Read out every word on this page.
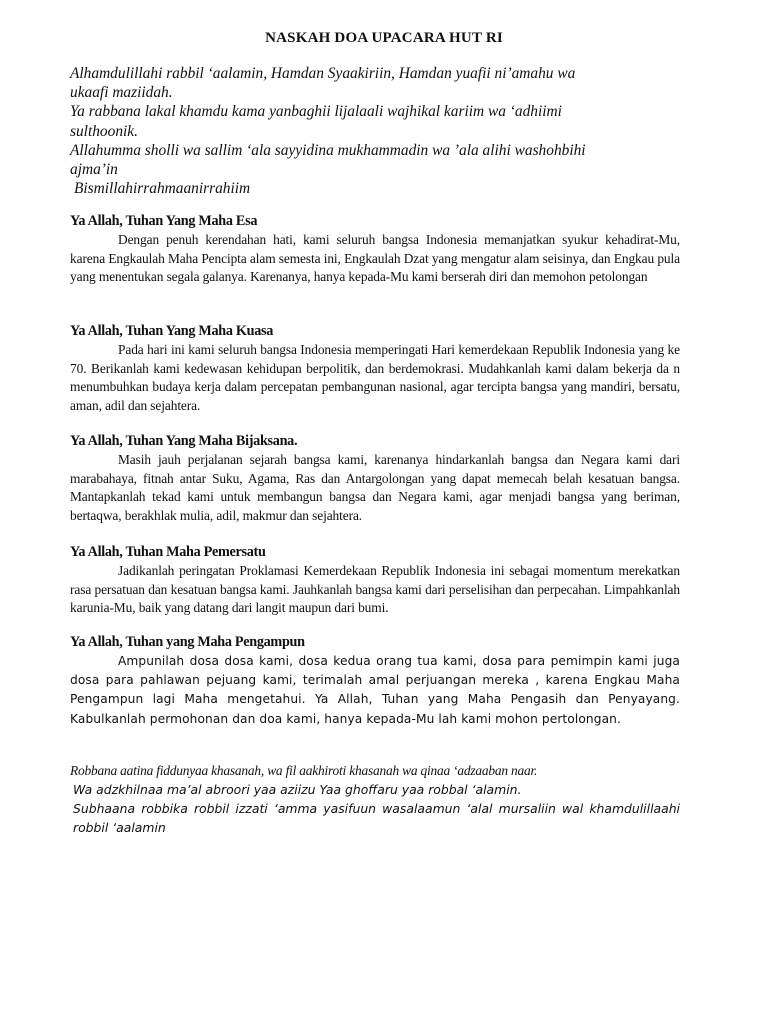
NASKAH DOA UPACARA HUT RI
Alhamdulillahi rabbil ‘aalamin, Hamdan Syaakiriin, Hamdan yuafii ni’amahu wa
ukaafi maziidah.
Ya rabbana lakal khamdu kama yanbaghii lijalaali wajhikal kariim wa ‘adhiimi
sulthoonik.
Allahumma sholli wa sallim ‘ala sayyidina mukhammadin wa ’ala alihi washohbihi
ajma’in
Bismillahirrahmaanirrahiim
Ya Allah, Tuhan Yang Maha Esa
Dengan penuh kerendahan hati, kami seluruh bangsa Indonesia memanjatkan syukur kehadirat-Mu, karena Engkaulah Maha Pencipta alam semesta ini, Engkaulah Dzat yang mengatur alam seisinya, dan Engkau pula yang menentukan segala galanya. Karenanya, hanya kepada-Mu kami berserah diri dan memohon petolongan
Ya Allah, Tuhan Yang Maha Kuasa
Pada hari ini kami seluruh bangsa Indonesia memperingati Hari kemerdekaan Republik Indonesia yang ke 70. Berikanlah kami kedewasan kehidupan berpolitik, dan berdemokrasi. Mudahkanlah kami dalam bekerja da n menumbuhkan budaya kerja dalam percepatan pembangunan nasional, agar tercipta bangsa yang mandiri, bersatu, aman, adil dan sejahtera.
Ya Allah, Tuhan Yang Maha Bijaksana.
Masih jauh perjalanan sejarah bangsa kami, karenanya hindarkanlah bangsa dan Negara kami dari marabahaya, fitnah antar Suku, Agama, Ras dan Antargolongan yang dapat memecah belah kesatuan bangsa. Mantapkanlah tekad kami untuk membangun bangsa dan Negara kami, agar menjadi bangsa yang beriman, bertaqwa, berakhlak mulia, adil, makmur dan sejahtera.
Ya Allah, Tuhan Maha Pemersatu
Jadikanlah peringatan Proklamasi Kemerdekaan Republik Indonesia ini sebagai momentum merekatkan rasa persatuan dan kesatuan bangsa kami. Jauhkanlah bangsa kami dari perselisihan dan perpecahan. Limpahkanlah karunia-Mu, baik yang datang dari langit maupun dari bumi.
Ya Allah, Tuhan yang Maha Pengampun
Ampunilah dosa dosa kami, dosa kedua orang tua kami, dosa para pemimpin kami juga dosa para pahlawan pejuang kami, terimalah amal perjuangan mereka , karena Engkau Maha Pengampun lagi Maha mengetahui. Ya Allah, Tuhan yang Maha Pengasih dan Penyayang. Kabulkanlah permohonan dan doa kami, hanya kepada-Mu lah kami mohon pertolongan.
Robbana aatina fiddunyaa khasanah, wa fil aakhiroti khasanah wa qinaa ‘adzaaban naar.
Wa adzkhilnaa ma’al abroori yaa aziizu Yaa ghoffaru yaa robbal ‘alamin.
Subhaana robbika robbil izzati ‘amma yasifuun wasalaamun ‘alal mursaliin wal khamdulillaahi robbil ‘aalamin
